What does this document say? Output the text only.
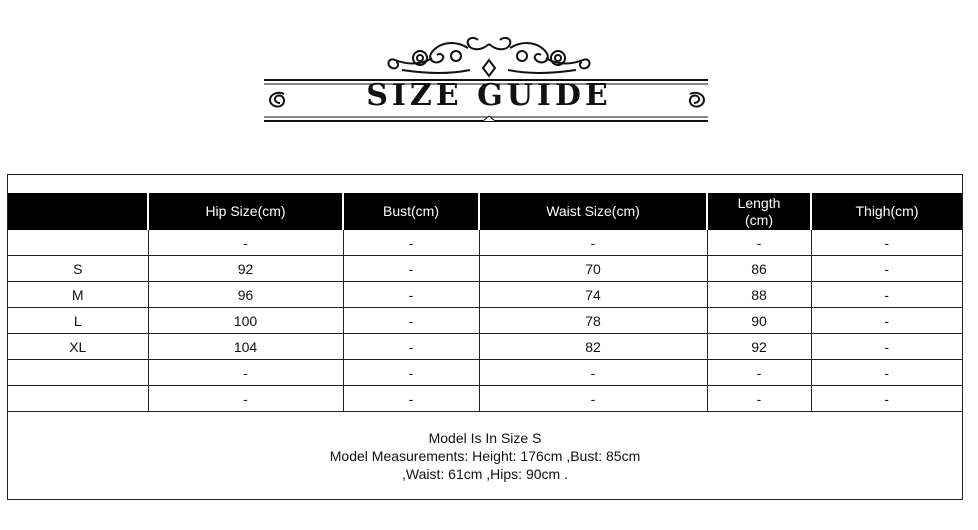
SIZE GUIDE
	Hip Size(cm)	Bust(cm)	Waist Size(cm)	Length
(cm)	Thigh(cm)
	-	-	-	-	-
S	92	-	70	86	-
M	96	-	74	88	-
L	100	-	78	90	-
XL	104	-	82	92	-
	-	-	-	-	-
	-	-	-	-	-
Model Is In Size S
Model Measurements: Height: 176cm ,Bust: 85cm
,Waist: 61cm ,Hips: 90cm .
